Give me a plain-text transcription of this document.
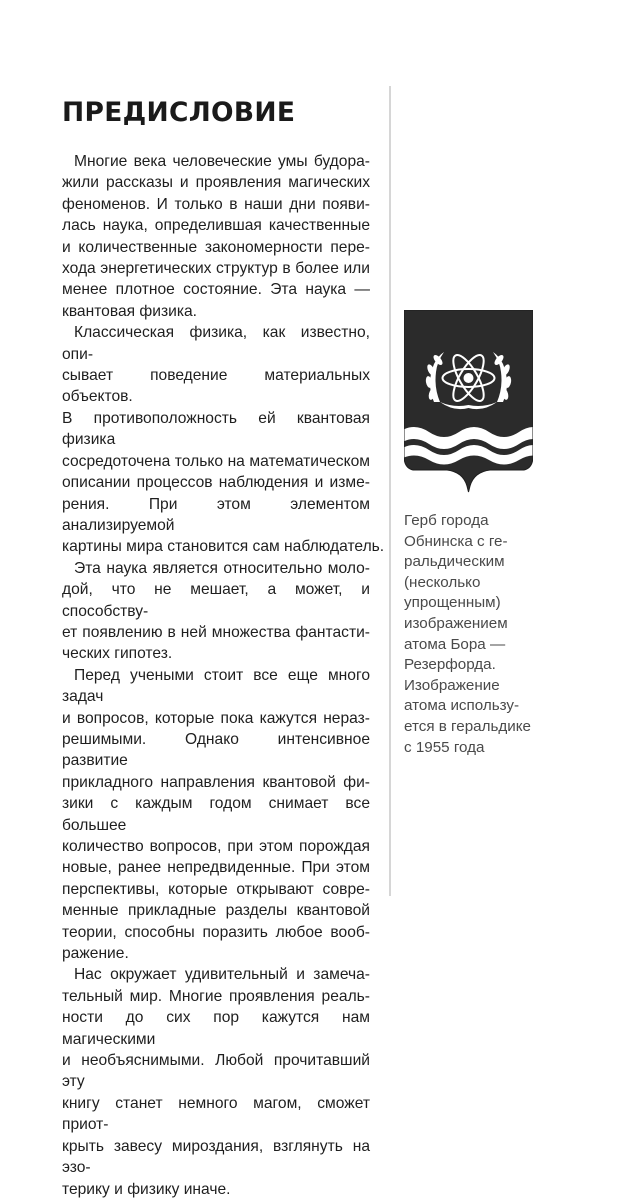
ПРЕДИСЛОВИЕ
Многие века человеческие умы будора-
жили рассказы и проявления магических
феноменов. И только в наши дни появи-
лась наука, определившая качественные
и количественные закономерности пере-
хода энергетических структур в более или
менее плотное состояние. Эта наука —
квантовая физика.
Классическая физика, как известно, опи-
сывает поведение материальных объектов.
В противоположность ей квантовая физика
сосредоточена только на математическом
описании процессов наблюдения и изме-
рения. При этом элементом анализируемой
картины мира становится сам наблюдатель.
Эта наука является относительно моло-
дой, что не мешает, а может, и способству-
ет появлению в ней множества фантасти-
ческих гипотез.
Перед учеными стоит все еще много задач
и вопросов, которые пока кажутся нераз-
решимыми. Однако интенсивное развитие
прикладного направления квантовой фи-
зики с каждым годом снимает все большее
количество вопросов, при этом порождая
новые, ранее непредвиденные. При этом
перспективы, которые открывают совре-
менные прикладные разделы квантовой
теории, способны поразить любое вооб-
ражение.
Нас окружает удивительный и замеча-
тельный мир. Многие проявления реаль-
ности до сих пор кажутся нам магическими
и необъяснимыми. Любой прочитавший эту
книгу станет немного магом, сможет приот-
крыть завесу мироздания, взглянуть на эзо-
терику и физику иначе.
Герб города
Обнинска с ге-
ральдическим
(несколько
упрощенным)
изображением
атома Бора —
Резерфорда.
Изображение
атома использу-
ется в геральдике
с 1955 года
